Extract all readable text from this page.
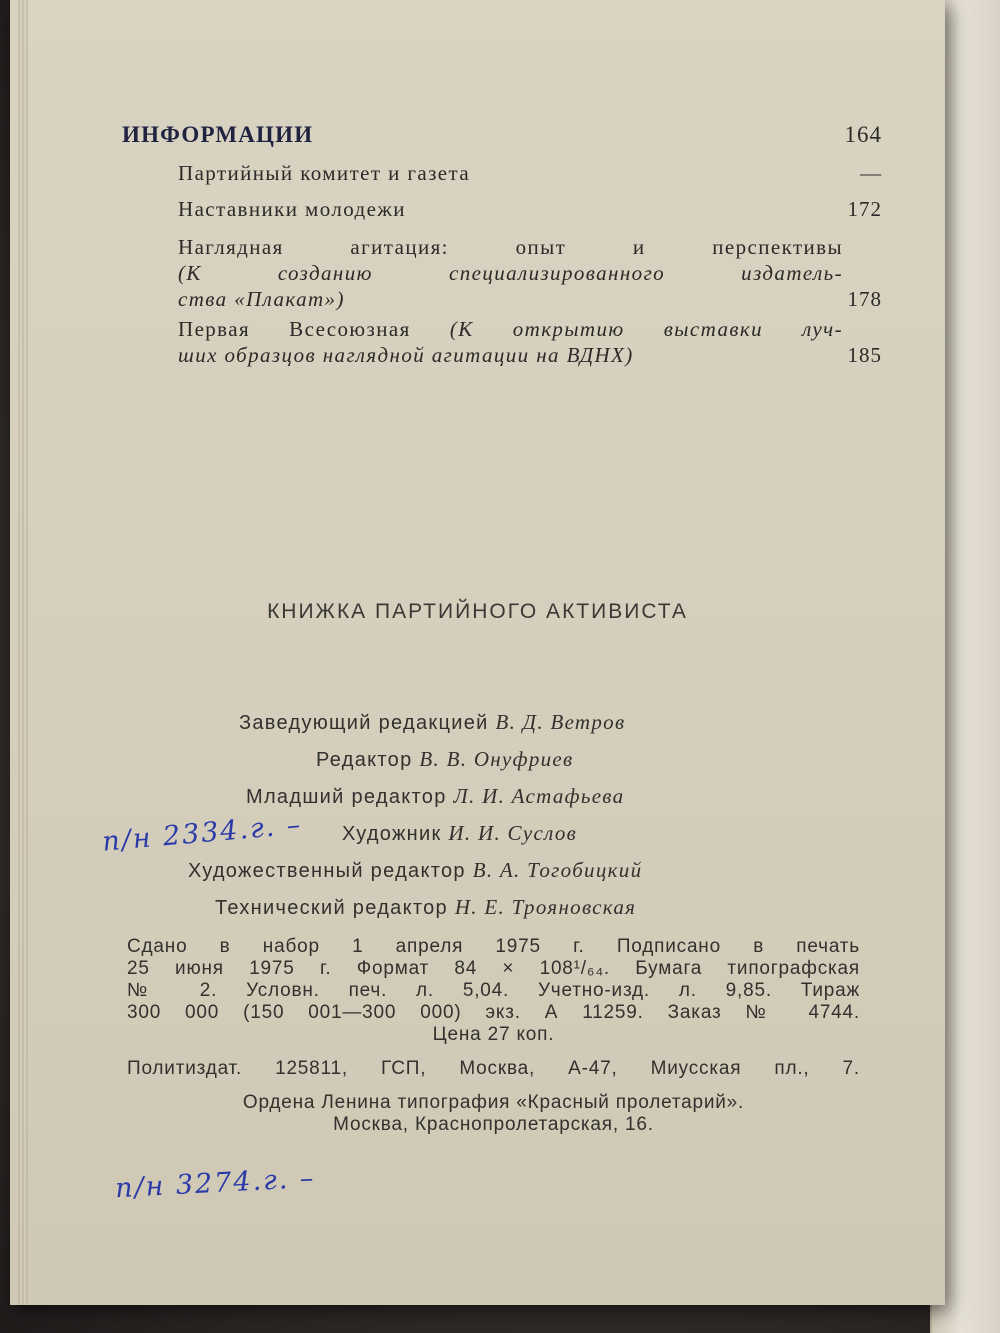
ИНФОРМАЦИИ	164
Партийный комитет и газета	—
Наставники молодежи	172
Наглядная агитация: опыт и перспективы
(К созданию специализированного издатель-
ства «Плакат»)	178
Первая Всесоюзная (К открытию выставки луч-
ших образцов наглядной агитации на ВДНХ)	185
КНИЖКА ПАРТИЙНОГО АКТИВИСТА
Заведующий редакцией В. Д. Ветров
Редактор В. В. Онуфриев
Младший редактор Л. И. Астафьева
Художник И. И. Суслов
Художественный редактор В. А. Тогобицкий
Технический редактор Н. Е. Трояновская
Сдано в набор 1 апреля 1975 г. Подписано в печать
25 июня 1975 г. Формат 84 × 108¹/₆₄. Бумага типографская
№ 2. Условн. печ. л. 5,04. Учетно-изд. л. 9,85. Тираж
300 000 (150 001—300 000) экз. А 11259. Заказ № 4744.
Цена 27 коп.
Политиздат. 125811, ГСП, Москва, А-47, Миусская пл., 7.
Ордена Ленина типография «Красный пролетарий».
Москва, Краснопролетарская, 16.
п/н 2334.г. –
п/н 3274.г. –
